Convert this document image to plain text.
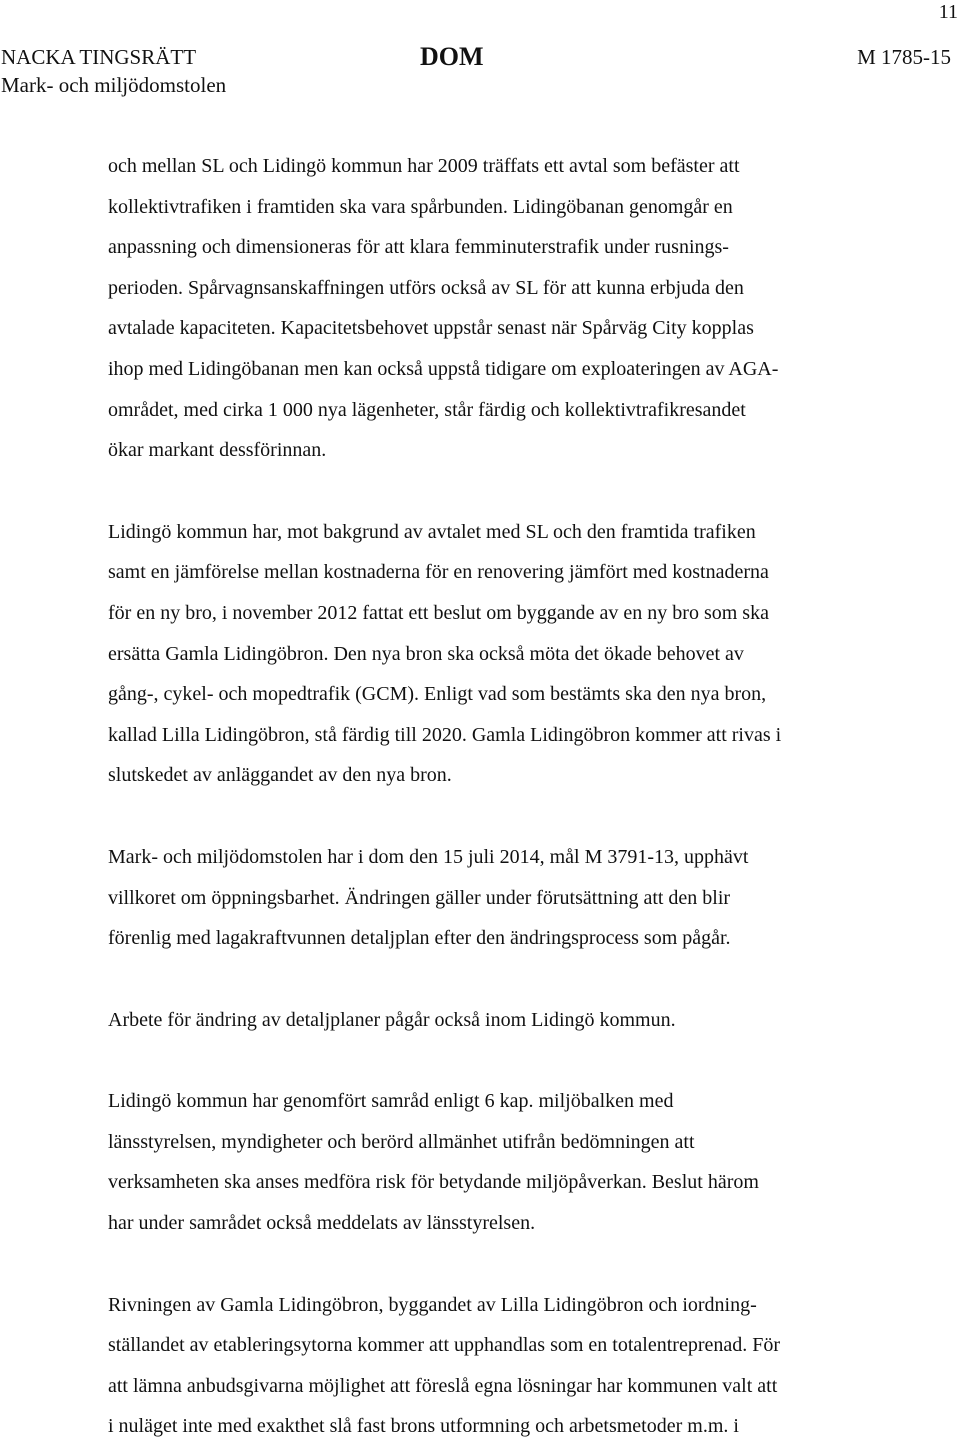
11
NACKA TINGSRÄTT
Mark- och miljödomstolen
DOM	M 1785-15

och mellan SL och Lidingö kommun har 2009 träffats ett avtal som befäster att
kollektivtrafiken i framtiden ska vara spårbunden. Lidingöbanan genomgår en
anpassning och dimensioneras för att klara femminuterstrafik under rusnings-
perioden. Spårvagnsanskaffningen utförs också av SL för att kunna erbjuda den
avtalade kapaciteten. Kapacitetsbehovet uppstår senast när Spårväg City kopplas
ihop med Lidingöbanan men kan också uppstå tidigare om exploateringen av AGA-
området, med cirka 1 000 nya lägenheter, står färdig och kollektivtrafikresandet
ökar markant dessförinnan.

Lidingö kommun har, mot bakgrund av avtalet med SL och den framtida trafiken
samt en jämförelse mellan kostnaderna för en renovering jämfört med kostnaderna
för en ny bro, i november 2012 fattat ett beslut om byggande av en ny bro som ska
ersätta Gamla Lidingöbron. Den nya bron ska också möta det ökade behovet av
gång-, cykel- och mopedtrafik (GCM). Enligt vad som bestämts ska den nya bron,
kallad Lilla Lidingöbron, stå färdig till 2020. Gamla Lidingöbron kommer att rivas i
slutskedet av anläggandet av den nya bron.

Mark- och miljödomstolen har i dom den 15 juli 2014, mål M 3791-13, upphävt
villkoret om öppningsbarhet. Ändringen gäller under förutsättning att den blir
förenlig med lagakraftvunnen detaljplan efter den ändringsprocess som pågår.

Arbete för ändring av detaljplaner pågår också inom Lidingö kommun.

Lidingö kommun har genomfört samråd enligt 6 kap. miljöbalken med
länsstyrelsen, myndigheter och berörd allmänhet utifrån bedömningen att
verksamheten ska anses medföra risk för betydande miljöpåverkan. Beslut härom
har under samrådet också meddelats av länsstyrelsen.

Rivningen av Gamla Lidingöbron, byggandet av Lilla Lidingöbron och iordning-
ställandet av etableringsytorna kommer att upphandlas som en totalentreprenad. För
att lämna anbudsgivarna möjlighet att föreslå egna lösningar har kommunen valt att
i nuläget inte med exakthet slå fast brons utformning och arbetsmetoder m.m. i
